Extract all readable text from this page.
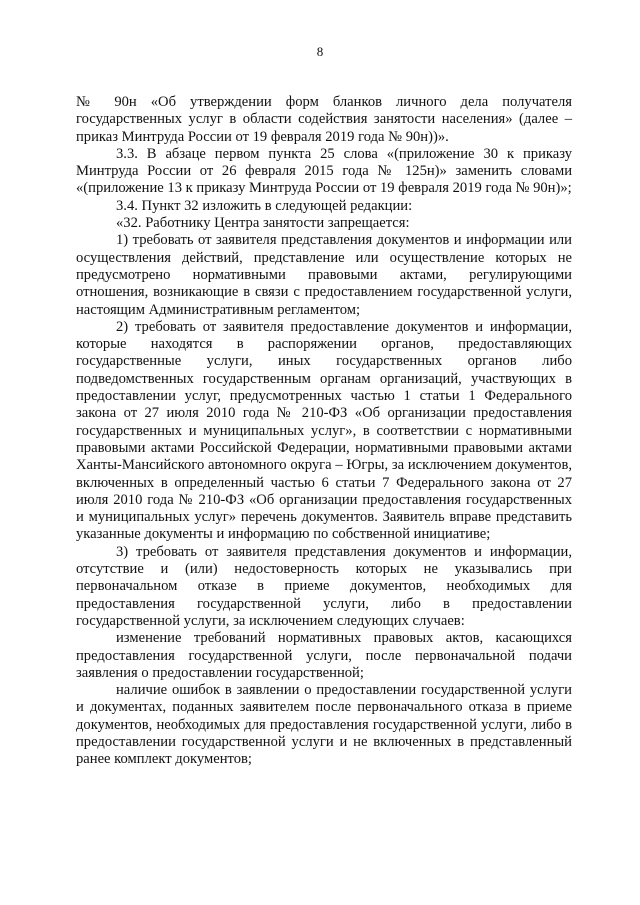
8

№ 90н «Об утверждении форм бланков личного дела получателя государственных услуг в области содействия занятости населения» (далее – приказ Минтруда России от 19 февраля 2019 года № 90н))».

3.3. В абзаце первом пункта 25 слова «(приложение 30 к приказу Минтруда России от 26 февраля 2015 года № 125н)» заменить словами «(приложение 13 к приказу Минтруда России от 19 февраля 2019 года № 90н)»;

3.4. Пункт 32 изложить в следующей редакции:

«32. Работнику Центра занятости запрещается:

1) требовать от заявителя представления документов и информации или осуществления действий, представление или осуществление которых не предусмотрено нормативными правовыми актами, регулирующими отношения, возникающие в связи с предоставлением государственной услуги, настоящим Административным регламентом;

2) требовать от заявителя предоставление документов и информации, которые находятся в распоряжении органов, предоставляющих государственные услуги, иных государственных органов либо подведомственных государственным органам организаций, участвующих в предоставлении услуг, предусмотренных частью 1 статьи 1 Федерального закона от 27 июля 2010 года № 210-ФЗ «Об организации предоставления государственных и муниципальных услуг», в соответствии с нормативными правовыми актами Российской Федерации, нормативными правовыми актами Ханты-Мансийского автономного округа – Югры, за исключением документов, включенных в определенный частью 6 статьи 7 Федерального закона от 27 июля 2010 года № 210-ФЗ «Об организации предоставления государственных и муниципальных услуг» перечень документов. Заявитель вправе представить указанные документы и информацию по собственной инициативе;

3) требовать от заявителя представления документов и информации, отсутствие и (или) недостоверность которых не указывались при первоначальном отказе в приеме документов, необходимых для предоставления государственной услуги, либо в предоставлении государственной услуги, за исключением следующих случаев:

изменение требований нормативных правовых актов, касающихся предоставления государственной услуги, после первоначальной подачи заявления о предоставлении государственной;

наличие ошибок в заявлении о предоставлении государственной услуги и документах, поданных заявителем после первоначального отказа в приеме документов, необходимых для предоставления государственной услуги, либо в предоставлении государственной услуги и не включенных в представленный ранее комплект документов;
